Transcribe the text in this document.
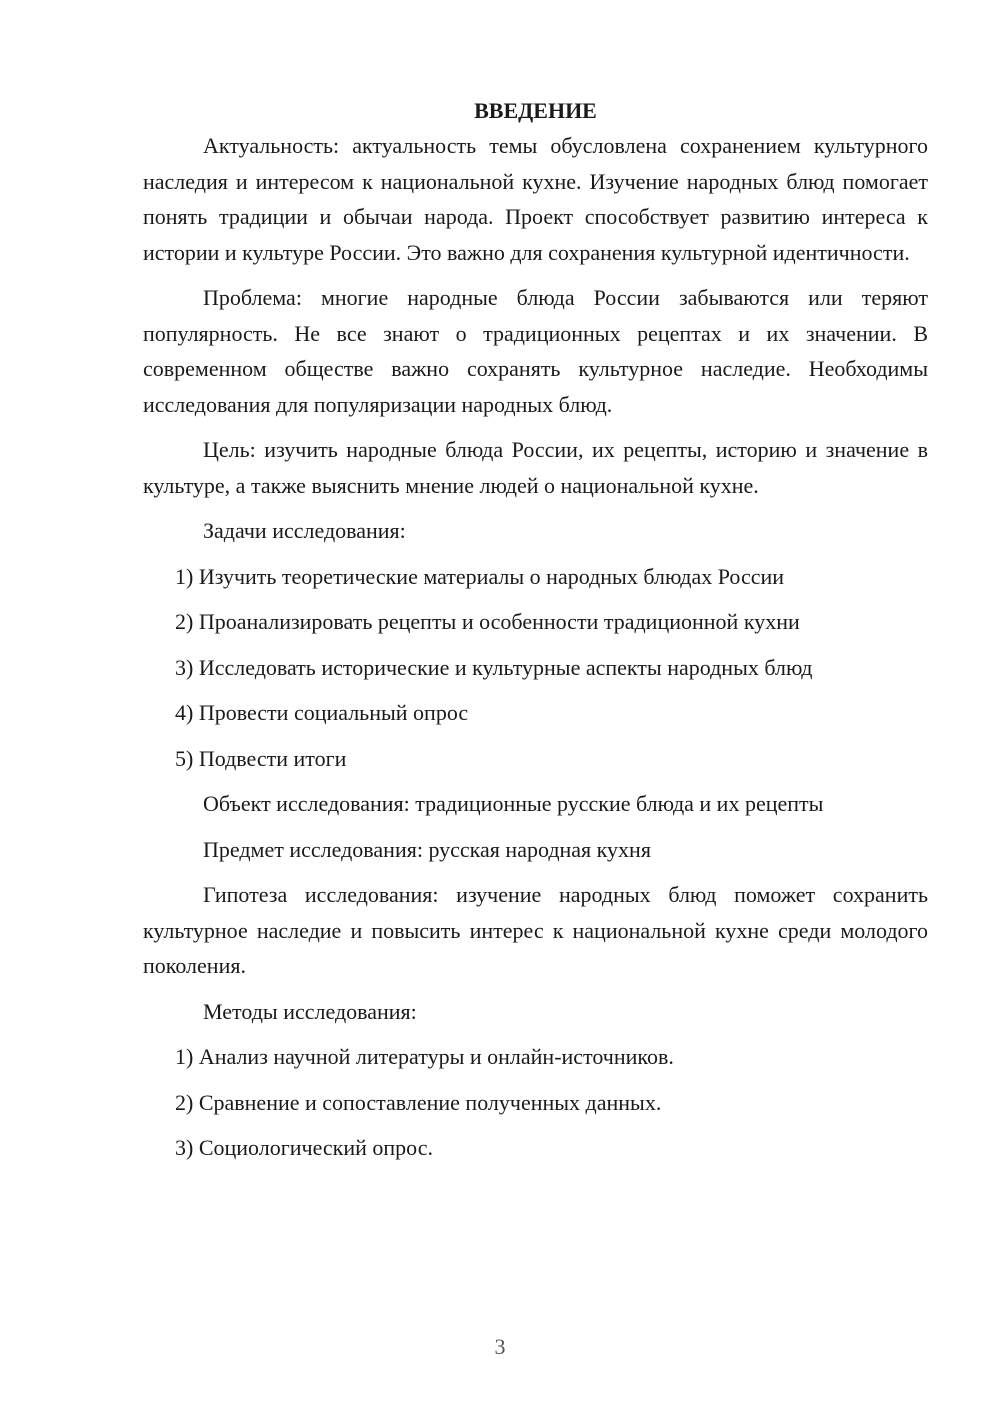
ВВЕДЕНИЕ

Актуальность: актуальность темы обусловлена сохранением культурного наследия и интересом к национальной кухне. Изучение народных блюд помогает понять традиции и обычаи народа. Проект способствует развитию интереса к истории и культуре России. Это важно для сохранения культурной идентичности.

Проблема: многие народные блюда России забываются или теряют популярность. Не все знают о традиционных рецептах и их значении. В современном обществе важно сохранять культурное наследие. Необходимы исследования для популяризации народных блюд.

Цель: изучить народные блюда России, их рецепты, историю и значение в культуре, а также выяснить мнение людей о национальной кухне.

Задачи исследования:
1) Изучить теоретические материалы о народных блюдах России
2) Проанализировать рецепты и особенности традиционной кухни
3) Исследовать исторические и культурные аспекты народных блюд
4) Провести социальный опрос
5) Подвести итоги
Объект исследования: традиционные русские блюда и их рецепты
Предмет исследования: русская народная кухня

Гипотеза исследования: изучение народных блюд поможет сохранить культурное наследие и повысить интерес к национальной кухне среди молодого поколения.

Методы исследования:
1) Анализ научной литературы и онлайн-источников.
2) Сравнение и сопоставление полученных данных.
3) Социологический опрос.
3
